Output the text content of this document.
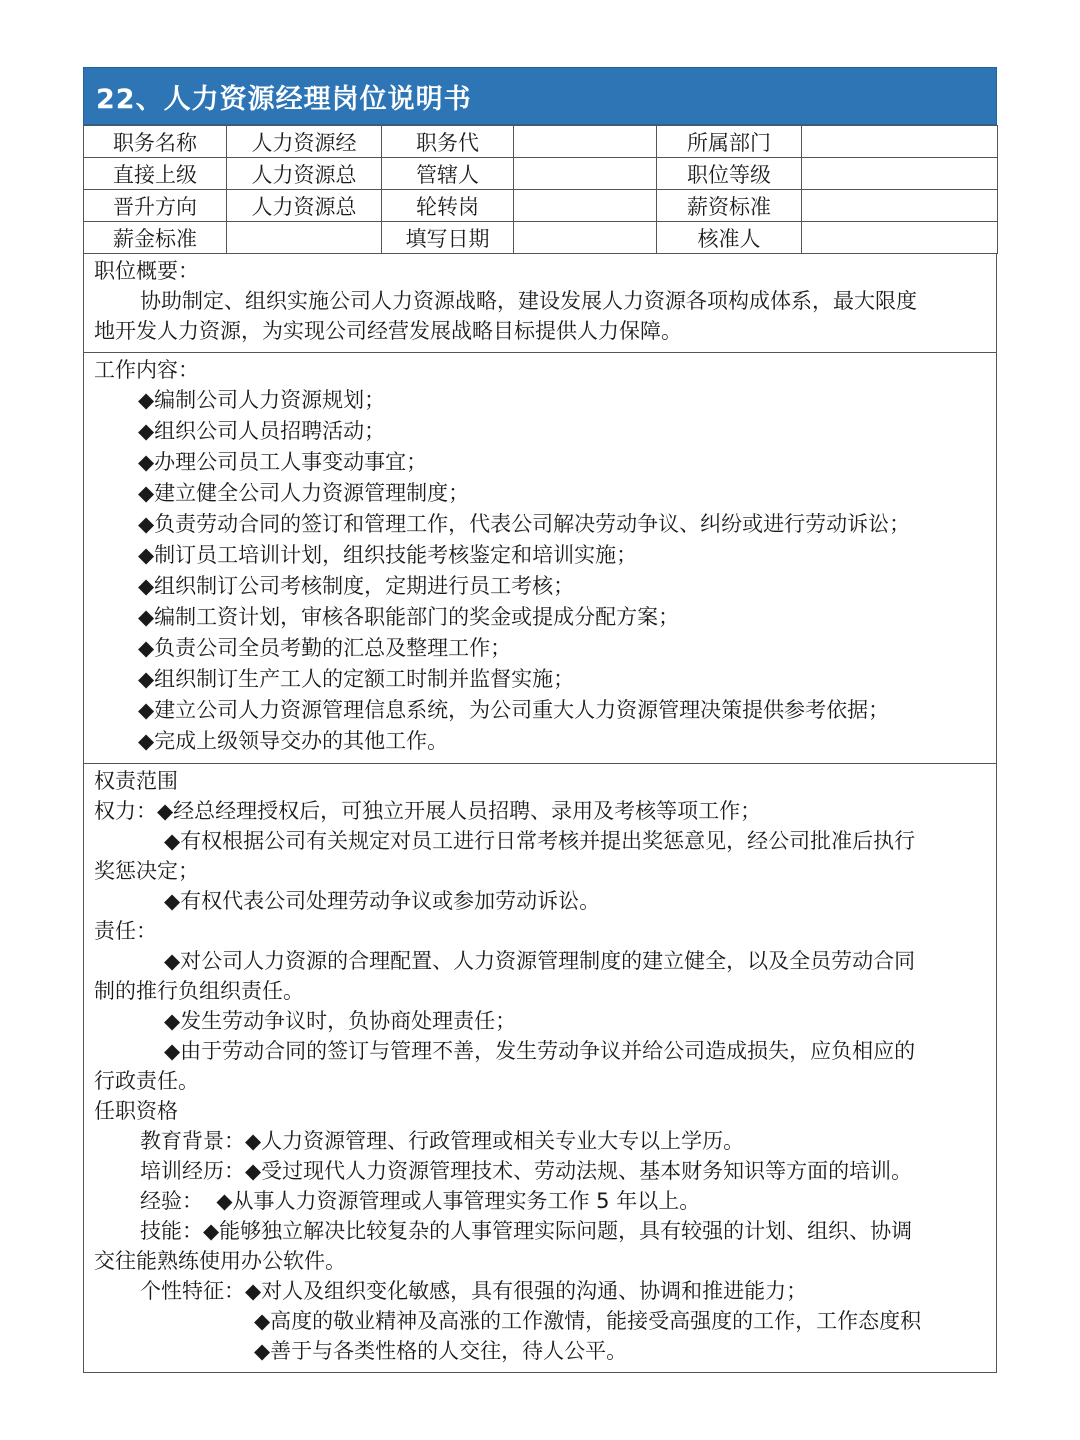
22、人力资源经理岗位说明书
职务名称	人力资源经	职务代		所属部门	
直接上级	人力资源总	管辖人		职位等级	
晋升方向	人力资源总	轮转岗		薪资标准	
薪金标准		填写日期		核准人	

职位概要：

协助制定、组织实施公司人力资源战略，建设发展人力资源各项构成体系，最大限度

地开发人力资源，为实现公司经营发展战略目标提供人力保障。

工作内容：

◆编制公司人力资源规划；

◆组织公司人员招聘活动；

◆办理公司员工人事变动事宜；

◆建立健全公司人力资源管理制度；

◆负责劳动合同的签订和管理工作，代表公司解决劳动争议、纠纷或进行劳动诉讼；

◆制订员工培训计划，组织技能考核鉴定和培训实施；

◆组织制订公司考核制度，定期进行员工考核；

◆编制工资计划，审核各职能部门的奖金或提成分配方案；

◆负责公司全员考勤的汇总及整理工作；

◆组织制订生产工人的定额工时制并监督实施；

◆建立公司人力资源管理信息系统，为公司重大人力资源管理决策提供参考依据；

◆完成上级领导交办的其他工作。

权责范围

权力：◆经总经理授权后，可独立开展人员招聘、录用及考核等项工作；

◆有权根据公司有关规定对员工进行日常考核并提出奖惩意见，经公司批准后执行

奖惩决定；

◆有权代表公司处理劳动争议或参加劳动诉讼。

责任：

◆对公司人力资源的合理配置、人力资源管理制度的建立健全，以及全员劳动合同

制的推行负组织责任。

◆发生劳动争议时，负协商处理责任；

◆由于劳动合同的签订与管理不善，发生劳动争议并给公司造成损失，应负相应的

行政责任。

任职资格

教育背景：◆人力资源管理、行政管理或相关专业大专以上学历。

培训经历：◆受过现代人力资源管理技术、劳动法规、基本财务知识等方面的培训。

经验：  ◆从事人力资源管理或人事管理实务工作 5 年以上。

技能：◆能够独立解决比较复杂的人事管理实际问题，具有较强的计划、组织、协调

交往能熟练使用办公软件。

个性特征：◆对人及组织变化敏感，具有很强的沟通、协调和推进能力；

◆高度的敬业精神及高涨的工作激情，能接受高强度的工作，工作态度积

◆善于与各类性格的人交往，待人公平。
